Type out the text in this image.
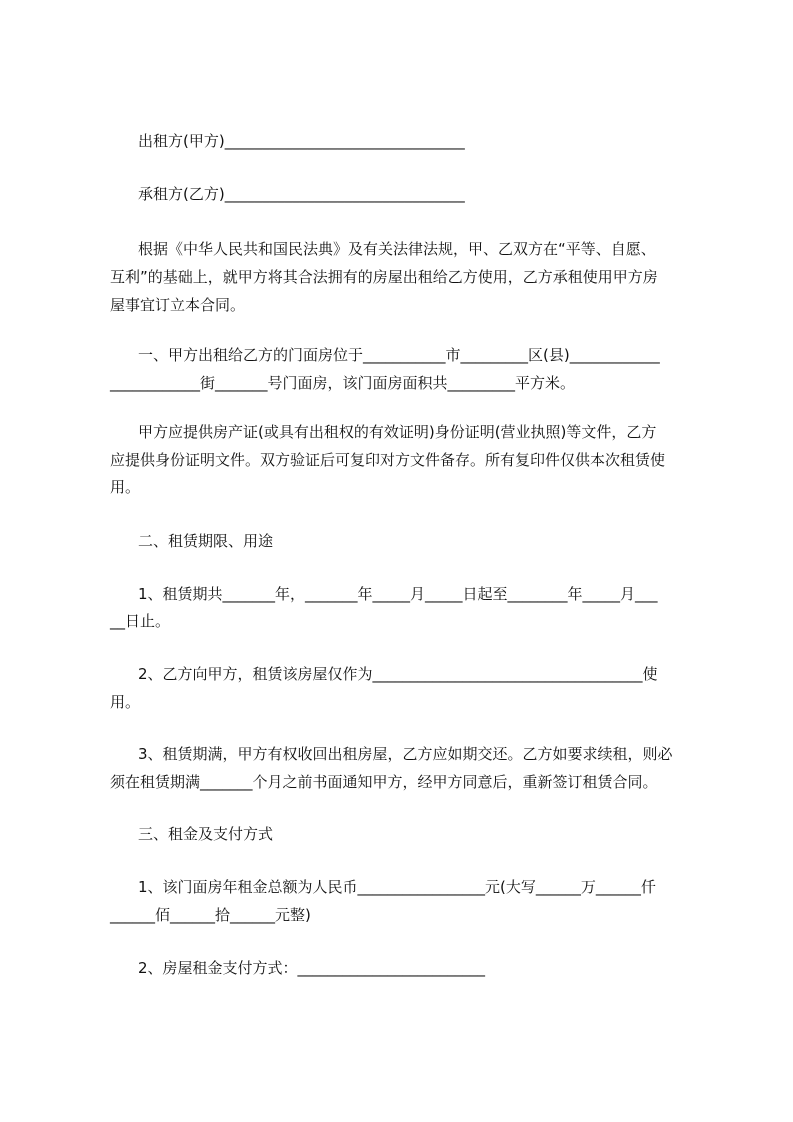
出租方(甲方)________________________________
承租方(乙方)________________________________
根据《中华人民共和国民法典》及有关法律法规，甲、乙双方在“平等、自愿、
互利”的基础上，就甲方将其合法拥有的房屋出租给乙方使用，乙方承租使用甲方房
屋事宜订立本合同。
一、甲方出租给乙方的门面房位于___________市_________区(县)____________
____________街_______号门面房，该门面房面积共_________平方米。
甲方应提供房产证(或具有出租权的有效证明)身份证明(营业执照)等文件，乙方
应提供身份证明文件。双方验证后可复印对方文件备存。所有复印件仅供本次租赁使
用。
二、租赁期限、用途
1、租赁期共_______年，_______年_____月_____日起至________年_____月___
__日止。
2、乙方向甲方，租赁该房屋仅作为____________________________________使
用。
3、租赁期满，甲方有权收回出租房屋，乙方应如期交还。乙方如要求续租，则必
须在租赁期满_______个月之前书面通知甲方，经甲方同意后，重新签订租赁合同。
三、租金及支付方式
1、该门面房年租金总额为人民币_________________元(大写______万______仟
______佰______拾______元整)
2、房屋租金支付方式：_________________________
